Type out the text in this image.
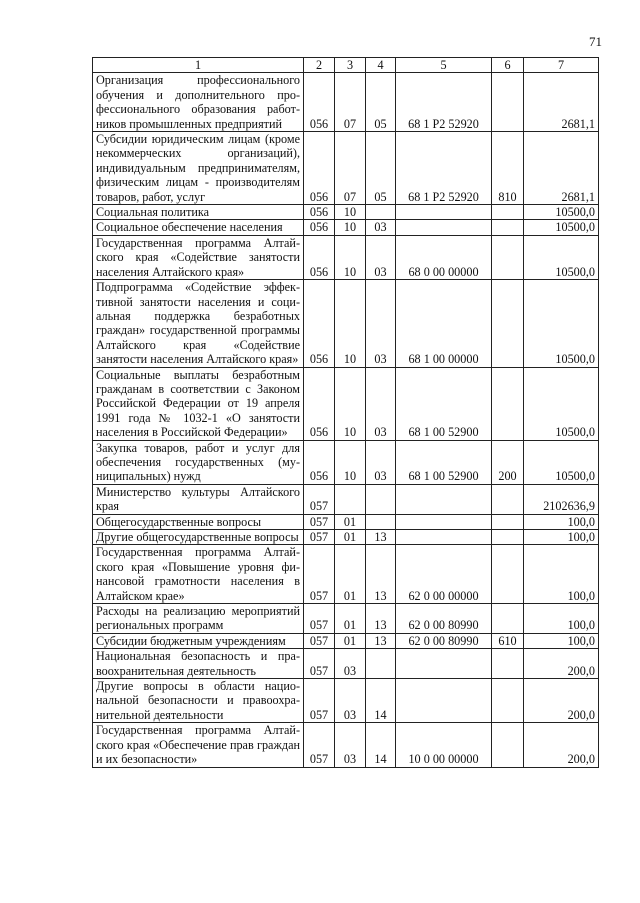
71
1	2	3	4	5	6	7
Организация профессионального обучения и дополнительного профессионального образования работников промышленных предприятий	056	07	05	68 1 Р2 52920		2681,1
Субсидии юридическим лицам (кроме некоммерческих организаций), индивидуальным предпринимателям, физическим лицам - производителям товаров, работ, услуг	056	07	05	68 1 Р2 52920	810	2681,1
Социальная политика	056	10				10500,0
Социальное обеспечение населения	056	10	03			10500,0
Государственная программа Алтайского края «Содействие занятости населения Алтайского края»	056	10	03	68 0 00 00000		10500,0
Подпрограмма «Содействие эффективной занятости населения и социальная поддержка безработных граждан» государственной программы Алтайского края «Содействие занятости населения Алтайского края»	056	10	03	68 1 00 00000		10500,0
Социальные выплаты безработным гражданам в соответствии с Законом Российской Федерации от 19 апреля 1991 года № 1032-1 «О занятости населения в Российской Федерации»	056	10	03	68 1 00 52900		10500,0
Закупка товаров, работ и услуг для обеспечения государственных (муниципальных) нужд	056	10	03	68 1 00 52900	200	10500,0
Министерство культуры Алтайского края	057					2102636,9
Общегосударственные вопросы	057	01				100,0
Другие общегосударственные вопросы	057	01	13			100,0
Государственная программа Алтайского края «Повышение уровня финансовой грамотности населения в Алтайском крае»	057	01	13	62 0 00 00000		100,0
Расходы на реализацию мероприятий региональных программ	057	01	13	62 0 00 80990		100,0
Субсидии бюджетным учреждениям	057	01	13	62 0 00 80990	610	100,0
Национальная безопасность и правоохранительная деятельность	057	03				200,0
Другие вопросы в области национальной безопасности и правоохранительной деятельности	057	03	14			200,0
Государственная программа Алтайского края «Обеспечение прав граждан и их безопасности»	057	03	14	10 0 00 00000		200,0
